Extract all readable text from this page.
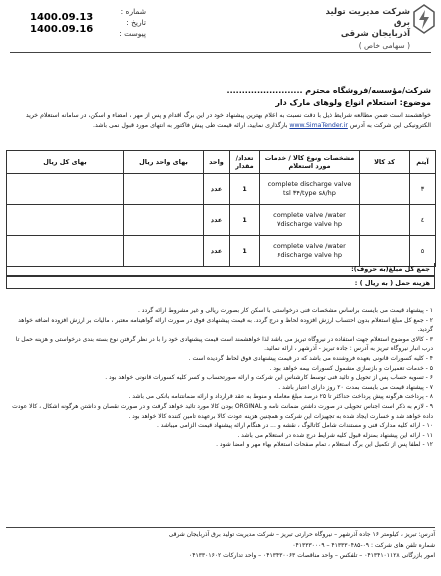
شرکت مدیریت تولید برق
آذربایجان شرقی
( سهامی خاص )
شماره :
تاریخ :
پیوست :
1400.09.13
1400.09.16
شرکت/مؤسسه/فروشگاه محترم .........................
موضوع: استعلام انواع ولوهای مارک دار
خواهشمند است ضمن مطالعه شرایط ذیل با دقت نسبت به اعلام بهترین پیشنهاد خود در این برگ اقدام و پس از مهر ، امضاء و اسکن، در سامانه استعلام خرید الکترونیکی این شرکت به آدرس www.SimaTender.ir بارگذاری نمایید، ارائه قیمت طی پیش فاکتور به انتهای مورد قبول نمی باشد.
آیتم	کد کالا	مشخصات ونوع کالا / خدمات مورد استعلام	تعداد/ مقدار	واحد	بهای واحد ریال	بهای کل ریال
۳		complete discharge valve
tsl ۳۴/type s۸/hp	1	عدد		
٤		complete valve /water
۷discharge valve hp	1	عدد		
٥		complete valve /water
۶discharge valve hp	1	عدد		
جمع کل مبلغ(به حروف):
هزینه حمل ( به ریال ) :
۱ - پیشنهاد قیمت می بایست براساس مشخصات فنی درخواستی با اسکن کار بصورت ریالی و غیر مشروط ارائه گردد .
۲ - جمع کل مبلغ استعلام بدون احتساب ارزش افزوده لحاظ و درج گردد. به قیمت پیشنهادی فوق در صورت ارائه گواهینامه معتبر ، مالیات بر ارزش افزوده اضافه خواهد گردید.
۳ - کالای موضوع استعلام جهت استفاده در نیروگاه تبریز می باشد لذا خواهشمند است قیمت پیشنهادی خود را با در نظر گرفتن نوع بسته بندی درخواستی و هزینه حمل تا درب انبار نیروگاه تبریز به آدرس : جاده تبریز - آذرشهر ، ارائه نمائید.
۴ - کلیه کسورات قانونی بعهده فروشنده می باشد که در قیمت پیشنهادی فوق لحاظ گردیده است .
۵ - خدمات تعمیرات و بازسازی مشمول کسورات بیمه خواهد بود .
۶ - تسویه حساب پس از تحویل و تائید فنی توسط کارشناس این شرکت و ارائه صورتحساب و کسر کلیه کسورات قانونی خواهد بود .
۷ - پیشنهاد قیمت می بایست بمدت ۲۰ روز دارای اعتبار باشد .
۸ - پرداخت هرگونه پیش پرداخت حداکثر تا ۲۵ درصد مبلغ معامله و منوط به عقد قرارداد و ارائه ضمانتنامه بانکی می باشد .
۹ - لازم به ذکر است اجناس تحویلی در صورت داشتن ضمانت نامه و ORGINAL بودن کالا مورد تائید خواهد گرفت و در صورت نقصان و داشتن هرگونه اشکال ، کالا عودت داده خواهد شد و خسارت ایجاد شده به تجهیزات این شرکت و همچنین هزینه عودت کالا برعهده تامین کننده کالا خواهد بود .
۱۰ - ارائه کلیه مدارک فنی و مستندات شامل کاتالوگ ، نقشه و ... در هنگام ارائه پیشنهاد قیمت الزامی میباشد .
۱۱ - ارائه این پیشنهاد بمنزله قبول کلیه شرایط درج شده در استعلام می باشد .
۱۲ - لطفا پس از تکمیل این برگ استعلام ، تمام صفحات استعلام بهاء مهر و امضا شود .
آدرس: تبریز ، کیلومتر ۱۶ جاده آذرشهر – نیروگاه حرارتی تبریز – شرکت مدیریت تولید برق آذربایجان شرقی
شماره تلفن های شرکت : ۰۹-۴۱۳۳۳۰۴۸۵ – ۰۴۱۳۳۳۰۰۰۹
امور بازرگانی ۰۴۱۳۴۱۰۱۱۲۸ – تلفکس – واحد مناقصات ۰۴۱۳۴۳۰۰۶۳ – واحد تدارکات ۰۴۱۳۳۰۱۶۰۲
